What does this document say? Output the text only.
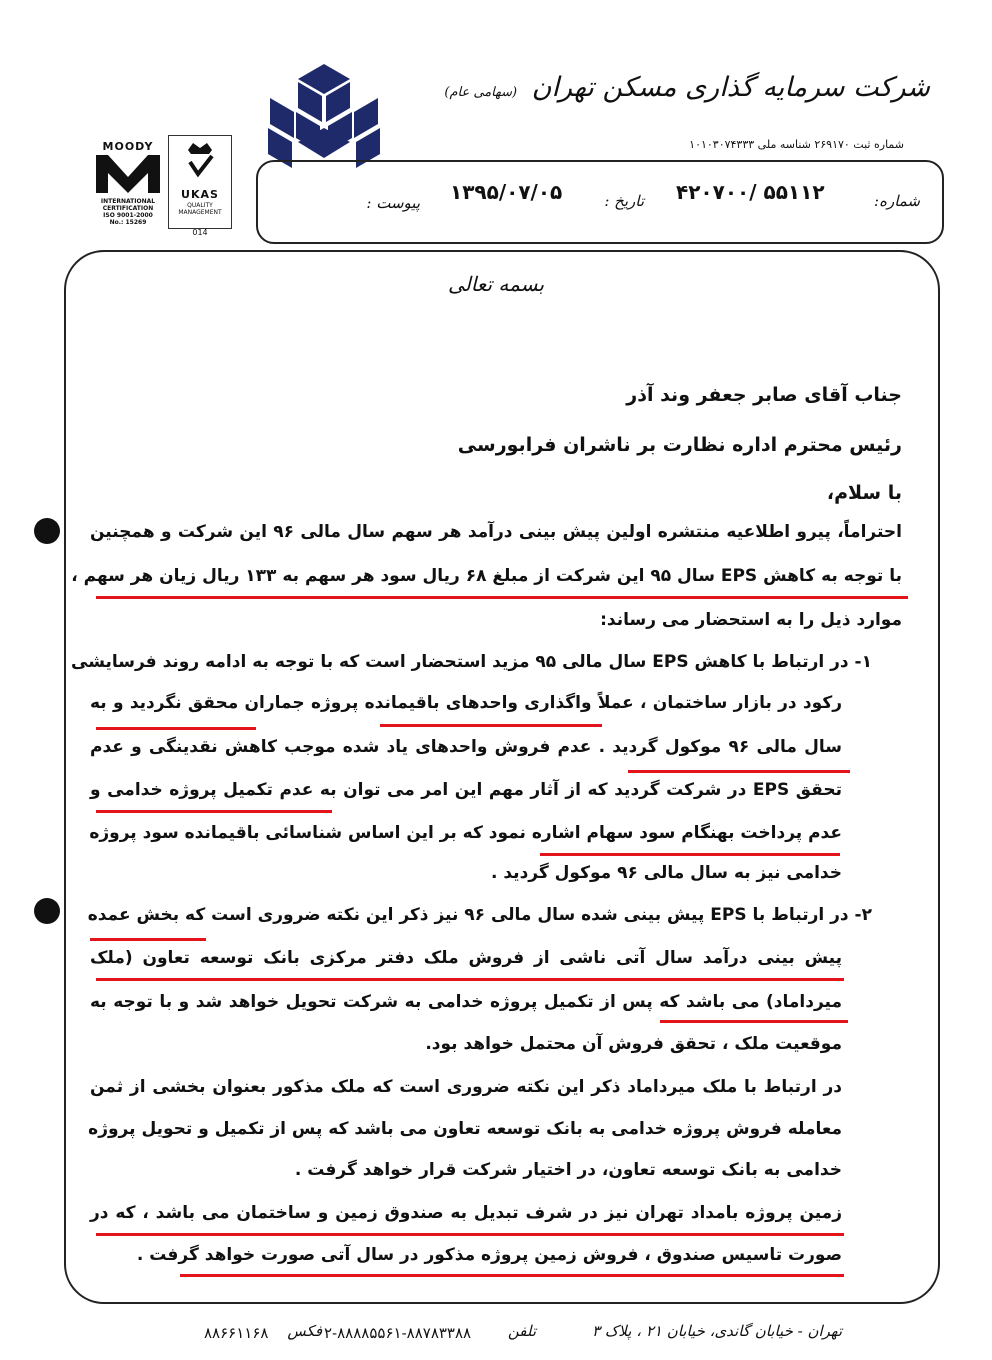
شرکت سرمایه گذاری مسکن تهران (سهامی عام)
شماره ثبت ۲۶۹۱۷۰ شناسه ملی ۱۰۱۰۳۰۷۴۳۳۳
UKAS
QUALITY
MANAGEMENT
014
MOODY
INTERNATIONAL
CERTIFICATION
ISO 9001-2000
No.: 15269
شماره:
۴۲۰۷۰۰/ ۵۵۱۱۲
تاریخ :
۱۳۹۵/۰۷/۰۵
پیوست :
بسمه تعالی
جناب آقای صابر جعفر وند آذر
رئیس محترم اداره نظارت بر ناشران فرابورسی
با سلام،
احتراماً، پیرو اطلاعیه منتشره اولین پیش بینی درآمد هر سهم سال مالی ۹۶ این شرکت و همچنین
با توجه به کاهش EPS سال ۹۵ این شرکت از مبلغ ۶۸ ریال سود هر سهم به ۱۳۳ ریال زیان هر سهم ،
موارد ذیل را به استحضار می رساند:
۱- در ارتباط با کاهش EPS سال مالی ۹۵ مزید استحضار است که با توجه به ادامه روند فرسایشی
رکود در بازار ساختمان ، عملاً واگذاری واحدهای باقیمانده پروژه جماران محقق نگردید و به
سال مالی ۹۶ موکول گردید . عدم فروش واحدهای یاد شده موجب کاهش نقدینگی و عدم
تحقق EPS در شرکت گردید که از آثار مهم این امر می توان به عدم تکمیل پروژه خدامی و
عدم پرداخت بهنگام سود سهام اشاره نمود که بر این اساس شناسائی باقیمانده سود پروژه
خدامی نیز به سال مالی ۹۶ موکول گردید .
۲- در ارتباط با EPS پیش بینی شده سال مالی ۹۶ نیز ذکر این نکته ضروری است که بخش عمده
پیش بینی درآمد سال آتی ناشی از فروش ملک دفتر مرکزی بانک توسعه تعاون (ملک
میرداماد) می باشد که پس از تکمیل پروژه خدامی به شرکت تحویل خواهد شد و با توجه به
موقعیت ملک ، تحقق فروش آن محتمل خواهد بود.
در ارتباط با ملک میرداماد ذکر این نکته ضروری است که ملک مذکور بعنوان بخشی از ثمن
معامله فروش پروژه خدامی به بانک توسعه تعاون می باشد که پس از تکمیل و تحویل پروژه
خدامی به بانک توسعه تعاون، در اختیار شرکت قرار خواهد گرفت .
زمین پروژه بامداد تهران نیز در شرف تبدیل به صندوق زمین و ساختمان می باشد ، که در
صورت تاسیس صندوق ، فروش زمین پروژه مذکور در سال آتی صورت خواهد گرفت .
تهران - خیابان گاندی، خیابان ۲۱ ، پلاک ۳
تلفن
۲-۸۸۸۸۵۵۶۱-۸۸۷۸۳۳۸۸
فکس
۸۸۶۶۱۱۶۸
